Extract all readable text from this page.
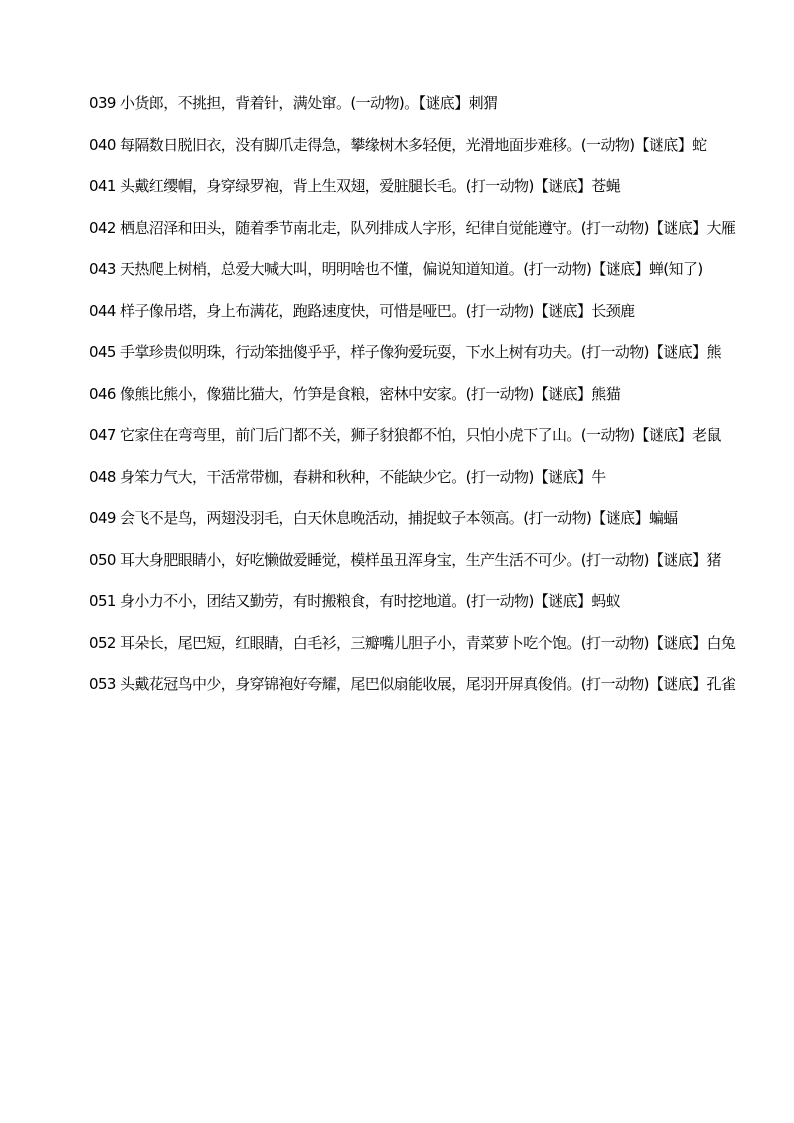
039 小货郎，不挑担，背着针，满处窜。(一动物)。【谜底】刺猬

040 每隔数日脱旧衣，没有脚爪走得急，攀缘树木多轻便，光滑地面步难移。(一动物)【谜底】蛇

041 头戴红缨帽，身穿绿罗袍，背上生双翅，爱脏腿长毛。(打一动物)【谜底】苍蝇

042 栖息沼泽和田头，随着季节南北走，队列排成人字形，纪律自觉能遵守。(打一动物)【谜底】大雁

043 天热爬上树梢，总爱大喊大叫，明明啥也不懂，偏说知道知道。(打一动物)【谜底】蝉(知了)

044 样子像吊塔，身上布满花，跑路速度快，可惜是哑巴。(打一动物)【谜底】长颈鹿

045 手掌珍贵似明珠，行动笨拙傻乎乎，样子像狗爱玩耍，下水上树有功夫。(打一动物)【谜底】熊

046 像熊比熊小，像猫比猫大，竹笋是食粮，密林中安家。(打一动物)【谜底】熊猫

047 它家住在弯弯里，前门后门都不关，狮子豺狼都不怕，只怕小虎下了山。(一动物)【谜底】老鼠

048 身笨力气大，干活常带枷，春耕和秋种，不能缺少它。(打一动物)【谜底】牛

049 会飞不是鸟，两翅没羽毛，白天休息晚活动，捕捉蚊子本领高。(打一动物)【谜底】蝙蝠

050 耳大身肥眼睛小，好吃懒做爱睡觉，模样虽丑浑身宝，生产生活不可少。(打一动物)【谜底】猪

051 身小力不小，团结又勤劳，有时搬粮食，有时挖地道。(打一动物)【谜底】蚂蚁

052 耳朵长，尾巴短，红眼睛，白毛衫，三瓣嘴儿胆子小，青菜萝卜吃个饱。(打一动物)【谜底】白兔

053 头戴花冠鸟中少，身穿锦袍好夸耀，尾巴似扇能收展，尾羽开屏真俊俏。(打一动物)【谜底】孔雀
